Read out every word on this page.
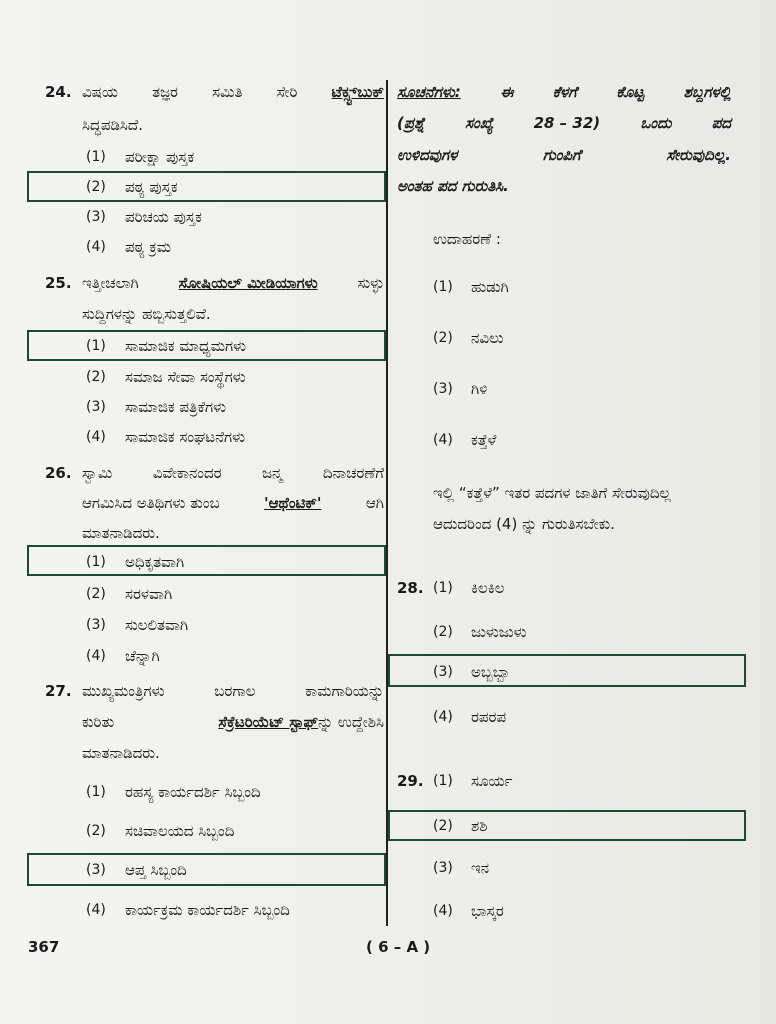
24. ವಿಷಯ ತಜ್ಞರ ಸಮಿತಿ ಸೇರಿ ಟೆಕ್ಸ್ಟ್‌ಬುಕ್
ಸಿದ್ಧಪಡಿಸಿದೆ.
(1) ಪರೀಕ್ಷಾ ಪುಸ್ತಕ
(2) ಪಠ್ಯ ಪುಸ್ತಕ
(3) ಪರಿಚಯ ಪುಸ್ತಕ
(4) ಪಠ್ಯ ಕ್ರಮ
25. ಇತ್ತೀಚಲಾಗಿ	ಸೋಷಿಯಲ್ ಮೀಡಿಯಾಗಳು	ಸುಳ್ಳು
ಸುದ್ದಿಗಳನ್ನು ಹಬ್ಬಿಸುತ್ತಲಿವೆ.
(1) ಸಾಮಾಜಿಕ ಮಾಧ್ಯಮಗಳು
(2) ಸಮಾಜ ಸೇವಾ ಸಂಸ್ಥೆಗಳು
(3) ಸಾಮಾಜಿಕ ಪತ್ರಿಕೆಗಳು
(4) ಸಾಮಾಜಿಕ ಸಂಘಟನೆಗಳು
26. ಸ್ವಾಮಿ	ವಿವೇಕಾನಂದರ	ಜನ್ಮ	ದಿನಾಚರಣೆಗೆ
ಆಗಮಿಸಿದ ಅತಿಥಿಗಳು ತುಂಬ	'ಆಥೆಂಟಿಕ್'	ಆಗಿ
ಮಾತನಾಡಿದರು.
(1) ಅಧಿಕೃತವಾಗಿ
(2) ಸರಳವಾಗಿ
(3) ಸುಲಲಿತವಾಗಿ
(4) ಚೆನ್ನಾಗಿ
27. ಮುಖ್ಯಮಂತ್ರಿಗಳು	ಬರಗಾಲ	ಕಾಮಗಾರಿಯನ್ನು
ಕುರಿತು	ಸೆಕ್ರೆಟರಿಯೆಟ್ ಸ್ಟಾಫ್ನ್ನು ಉದ್ದೇಶಿಸಿ
ಮಾತನಾಡಿದರು.
(1) ರಹಸ್ಯ ಕಾರ್ಯದರ್ಶಿ ಸಿಬ್ಬಂದಿ
(2) ಸಚಿವಾಲಯದ ಸಿಬ್ಬಂದಿ
(3) ಆಪ್ತ ಸಿಬ್ಬಂದಿ
(4) ಕಾರ್ಯಕ್ರಮ ಕಾರ್ಯದರ್ಶಿ ಸಿಬ್ಬಂದಿ
ಸೂಚನೆಗಳು:	ಈ	ಕೆಳಗೆ	ಕೊಟ್ಟ	ಶಬ್ದಗಳಲ್ಲಿ
(ಪ್ರಶ್ನೆ	ಸಂಖ್ಯೆ	28 – 32)	ಒಂದು	ಪದ
ಉಳಿದವುಗಳ	ಗುಂಪಿಗೆ	ಸೇರುವುದಿಲ್ಲ.
ಅಂತಹ ಪದ ಗುರುತಿಸಿ.
ಉದಾಹರಣೆ :
(1) ಹುಡುಗಿ
(2) ನವಿಲು
(3) ಗಿಳಿ
(4) ಕತ್ತೆಳೆ
ಇಲ್ಲಿ “ಕತ್ತೆಳೆ” ಇತರ ಪದಗಳ ಜಾತಿಗೆ ಸೇರುವುದಿಲ್ಲ
ಆದುದರಿಂದ (4) ನ್ನು ಗುರುತಿಸಬೇಕು.
28. (1) ಕಿಲಕಿಲ
(2) ಜುಳುಜುಳು
(3) ಅಬ್ಬಬ್ಬಾ
(4) ರಪರಪ
29. (1) ಸೂರ್ಯ
(2) ಶಶಿ
(3) ಇನ
(4) ಭಾಸ್ಕರ
367	( 6 – A )
